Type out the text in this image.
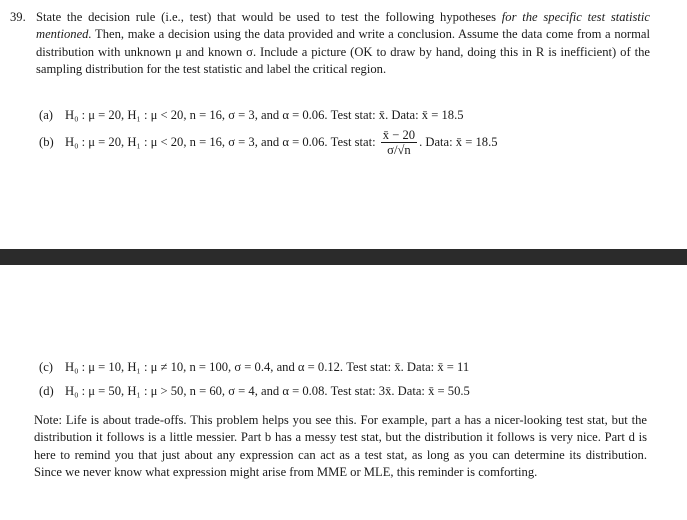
39. State the decision rule (i.e., test) that would be used to test the following hypotheses for the specific test statistic mentioned. Then, make a decision using the data provided and write a conclusion. Assume the data come from a normal distribution with unknown μ and known σ. Include a picture (OK to draw by hand, doing this in R is inefficient) of the sampling distribution for the test statistic and label the critical region.
(a) H₀ : μ = 20, H₁ : μ < 20, n = 16, σ = 3, and α = 0.06. Test stat: x̄. Data: x̄ = 18.5
(b) H₀ : μ = 20, H₁ : μ < 20, n = 16, σ = 3, and α = 0.06. Test stat: $\frac{x̄ - 20}{\sigma/√n}$ . Data: x̄ = 18.5
(c) H₀ : μ = 10, H₁ : μ ≠ 10, n = 100, σ = 0.4, and α = 0.12. Test stat: x̄. Data: x̄ = 11
(d) H₀ : μ = 50, H₁ : μ > 50, n = 60, σ = 4, and α = 0.08. Test stat: 3x̄. Data: x̄ = 50.5
Note: Life is about trade-offs. This problem helps you see this. For example, part a has a nicer-looking test stat, but the distribution it follows is a little messier. Part b has a messy test stat, but the distribution it follows is very nice. Part d is here to remind you that just about any expression can act as a test stat, as long as you can determine its distribution. Since we never know what expression might arise from MME or MLE, this reminder is comforting.
